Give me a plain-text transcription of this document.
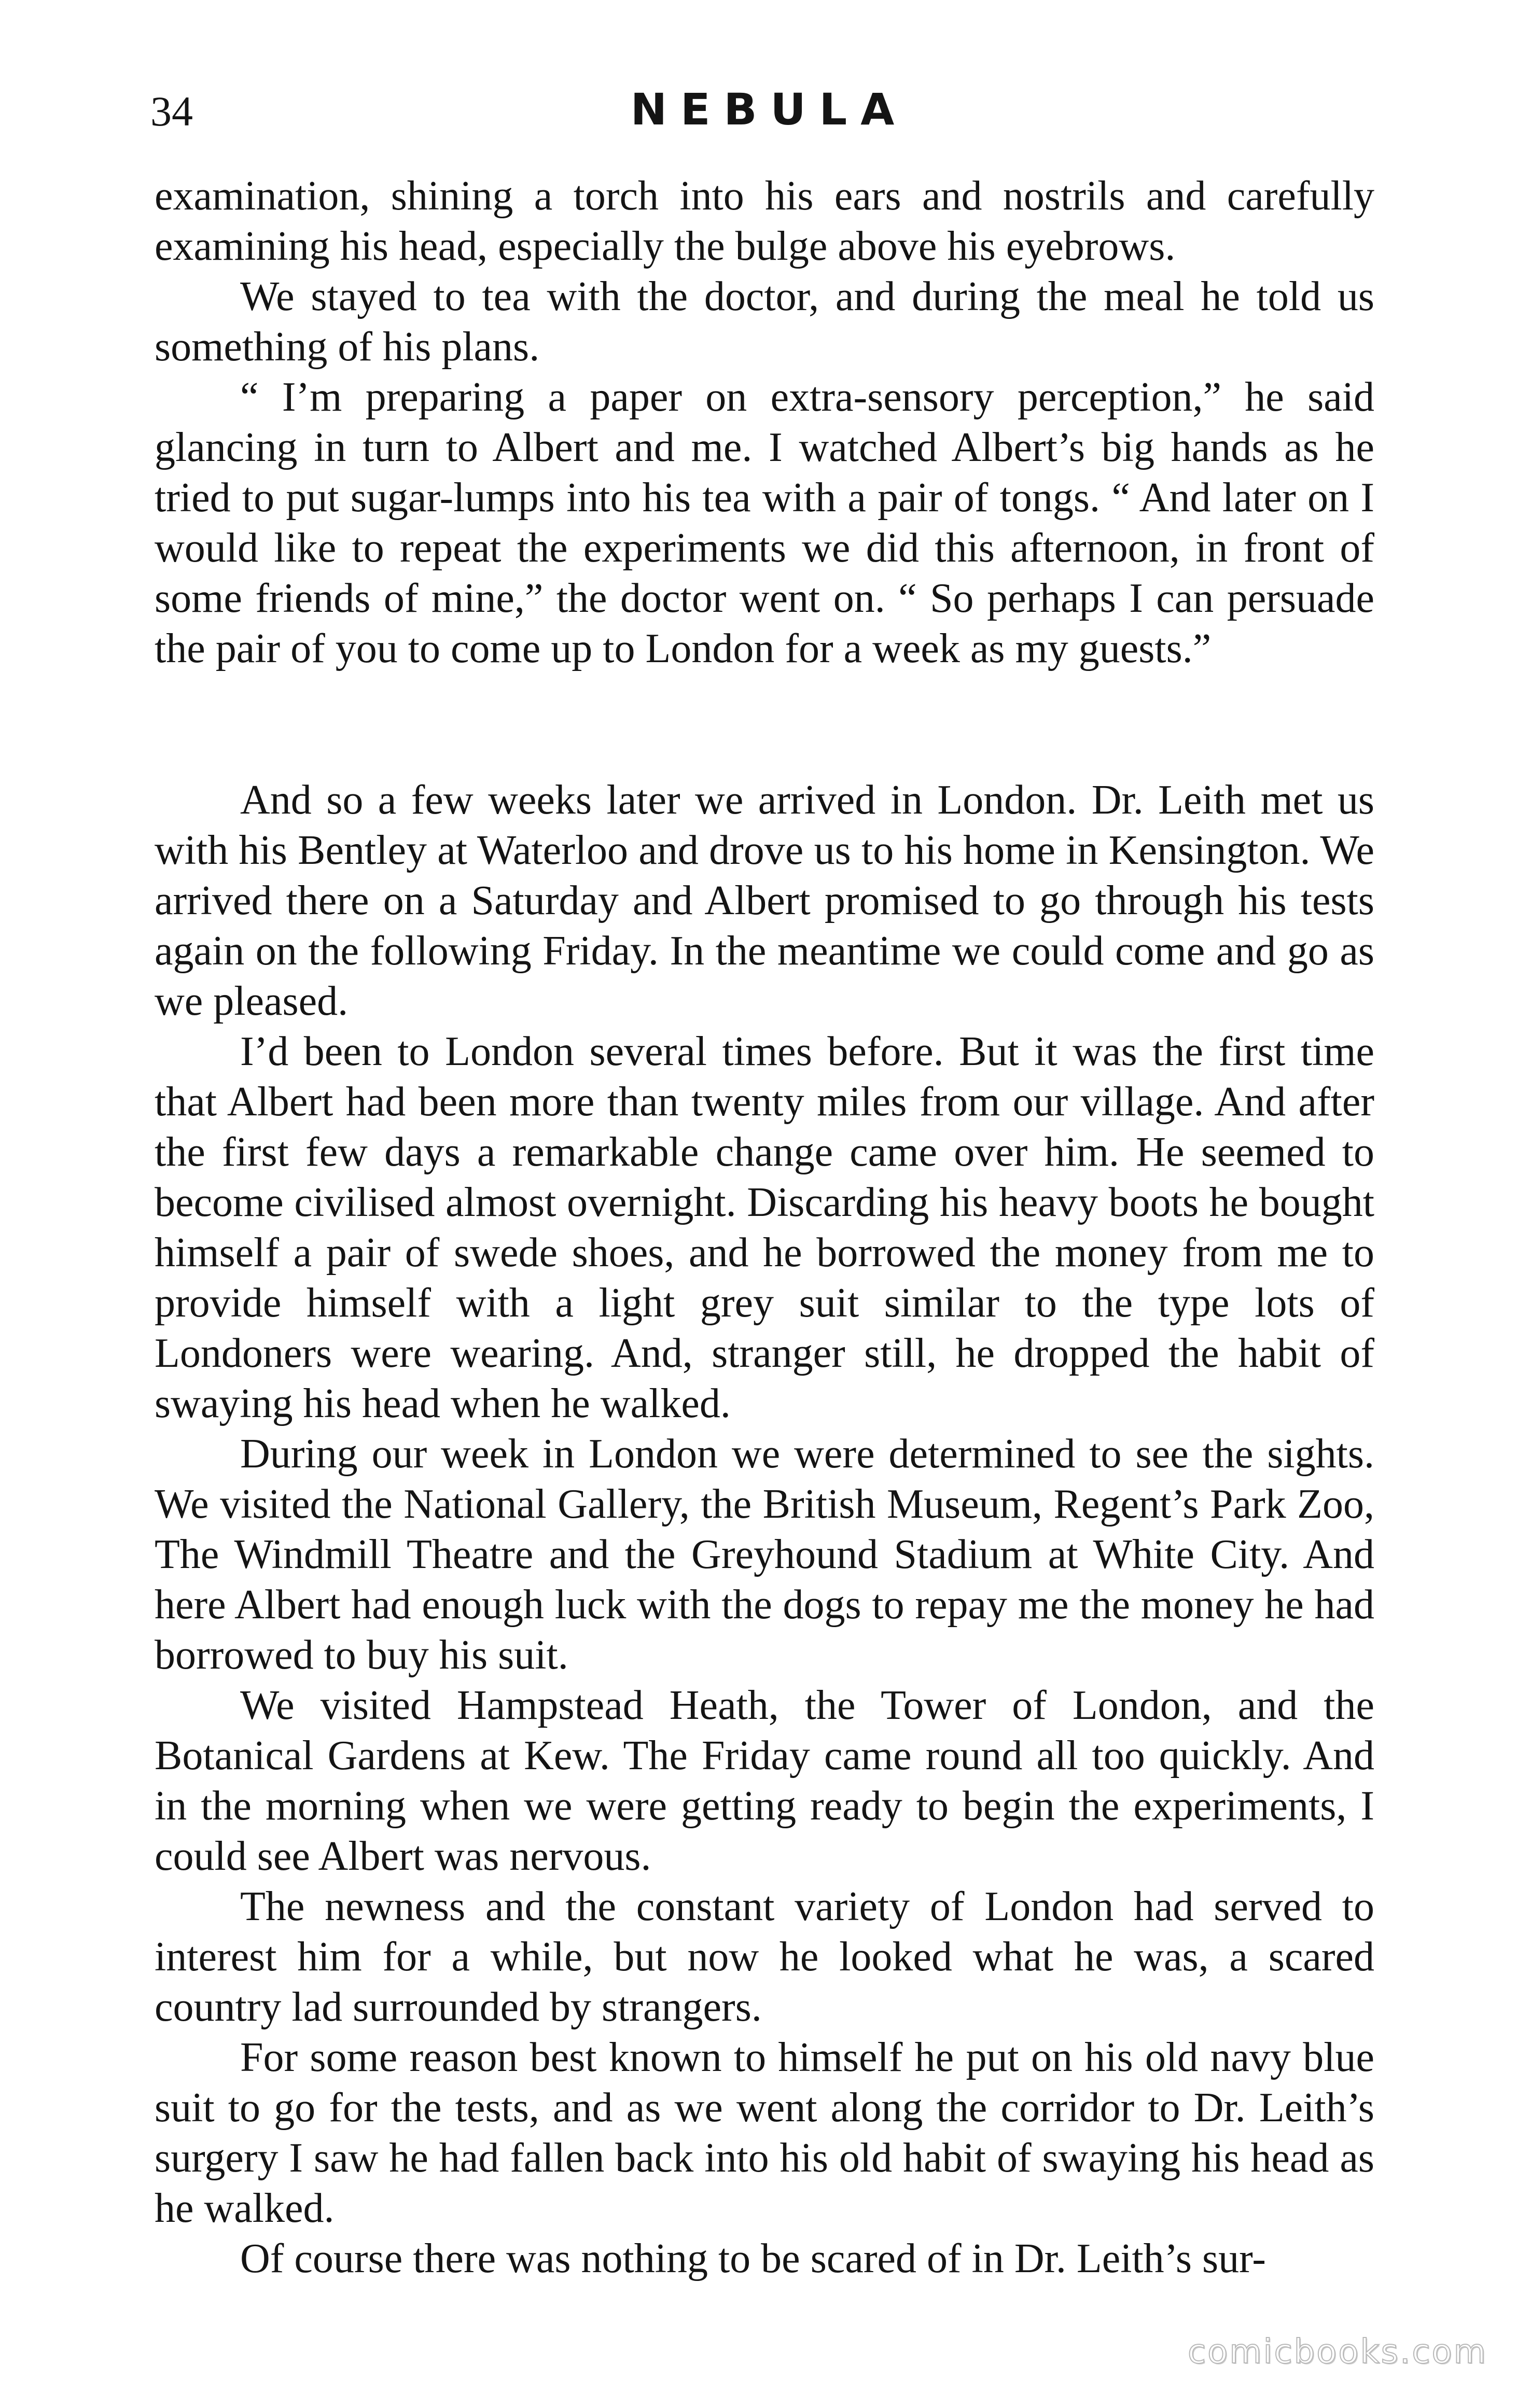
34	NEBULA

examination, shining a torch into his ears and nostrils and carefully examining his head, especially the bulge above his eyebrows.

We stayed to tea with the doctor, and during the meal he told us something of his plans.

“ I’m preparing a paper on extra-sensory perception,” he said glancing in turn to Albert and me. I watched Albert’s big hands as he tried to put sugar-lumps into his tea with a pair of tongs. “ And later on I would like to repeat the experiments we did this afternoon, in front of some friends of mine,” the doctor went on. “ So perhaps I can persuade the pair of you to come up to London for a week as my guests.”

And so a few weeks later we arrived in London. Dr. Leith met us with his Bentley at Waterloo and drove us to his home in Kensington. We arrived there on a Saturday and Albert promised to go through his tests again on the following Friday. In the meantime we could come and go as we pleased.

I’d been to London several times before. But it was the first time that Albert had been more than twenty miles from our village. And after the first few days a remarkable change came over him. He seemed to become civilised almost overnight. Discarding his heavy boots he bought himself a pair of swede shoes, and he borrowed the money from me to provide himself with a light grey suit similar to the type lots of Londoners were wearing. And, stranger still, he dropped the habit of swaying his head when he walked.

During our week in London we were determined to see the sights. We visited the National Gallery, the British Museum, Regent’s Park Zoo, The Windmill Theatre and the Greyhound Stadium at White City. And here Albert had enough luck with the dogs to repay me the money he had borrowed to buy his suit.

We visited Hampstead Heath, the Tower of London, and the Botanical Gardens at Kew. The Friday came round all too quickly. And in the morning when we were getting ready to begin the experiments, I could see Albert was nervous.

The newness and the constant variety of London had served to interest him for a while, but now he looked what he was, a scared country lad surrounded by strangers.

For some reason best known to himself he put on his old navy blue suit to go for the tests, and as we went along the corridor to Dr. Leith’s surgery I saw he had fallen back into his old habit of swaying his head as he walked.

Of course there was nothing to be scared of in Dr. Leith’s sur-

comicbooks.com
